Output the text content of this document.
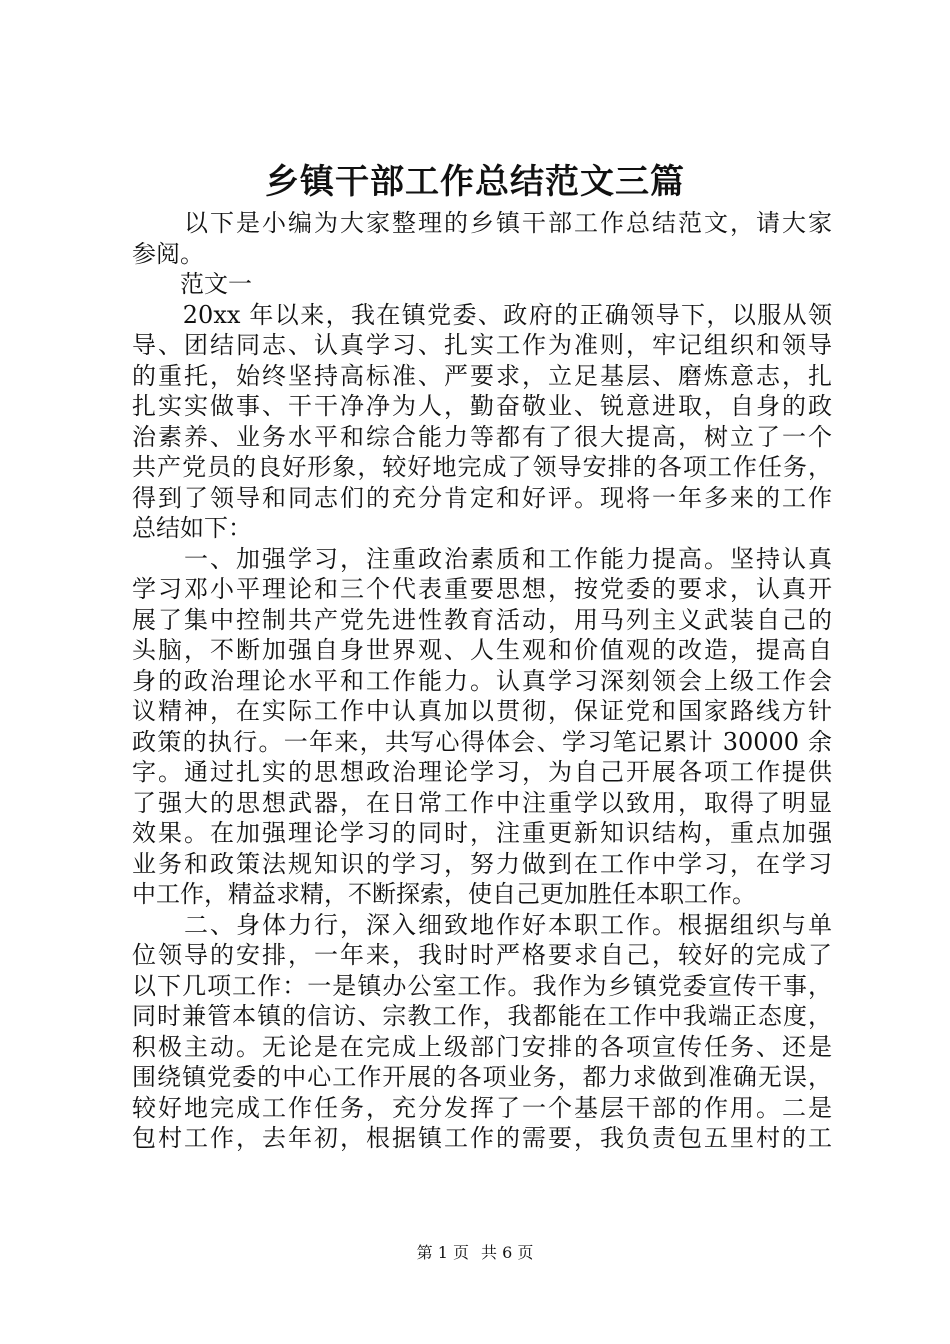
乡镇干部工作总结范文三篇
　　以下是小编为大家整理的乡镇干部工作总结范文，请大家
参阅。
　　范文一
　　20xx 年以来，我在镇党委、政府的正确领导下，以服从领
导、团结同志、认真学习、扎实工作为准则，牢记组织和领导
的重托，始终坚持高标准、严要求，立足基层、磨炼意志，扎
扎实实做事、干干净净为人，勤奋敬业、锐意进取，自身的政
治素养、业务水平和综合能力等都有了很大提高，树立了一个
共产党员的良好形象，较好地完成了领导安排的各项工作任务，
得到了领导和同志们的充分肯定和好评。现将一年多来的工作
总结如下：
　　一、加强学习，注重政治素质和工作能力提高。坚持认真
学习邓小平理论和三个代表重要思想，按党委的要求，认真开
展了集中控制共产党先进性教育活动，用马列主义武装自己的
头脑，不断加强自身世界观、人生观和价值观的改造，提高自
身的政治理论水平和工作能力。认真学习深刻领会上级工作会
议精神，在实际工作中认真加以贯彻，保证党和国家路线方针
政策的执行。一年来，共写心得体会、学习笔记累计 30000 余
字。通过扎实的思想政治理论学习，为自己开展各项工作提供
了强大的思想武器，在日常工作中注重学以致用，取得了明显
效果。在加强理论学习的同时，注重更新知识结构，重点加强
业务和政策法规知识的学习，努力做到在工作中学习，在学习
中工作，精益求精，不断探索，使自己更加胜任本职工作。
　　二、身体力行，深入细致地作好本职工作。根据组织与单
位领导的安排，一年来，我时时严格要求自己，较好的完成了
以下几项工作：一是镇办公室工作。我作为乡镇党委宣传干事，
同时兼管本镇的信访、宗教工作，我都能在工作中我端正态度，
积极主动。无论是在完成上级部门安排的各项宣传任务、还是
围绕镇党委的中心工作开展的各项业务，都力求做到准确无误，
较好地完成工作任务，充分发挥了一个基层干部的作用。二是
包村工作，去年初，根据镇工作的需要，我负责包五里村的工
第 1 页 共 6 页
